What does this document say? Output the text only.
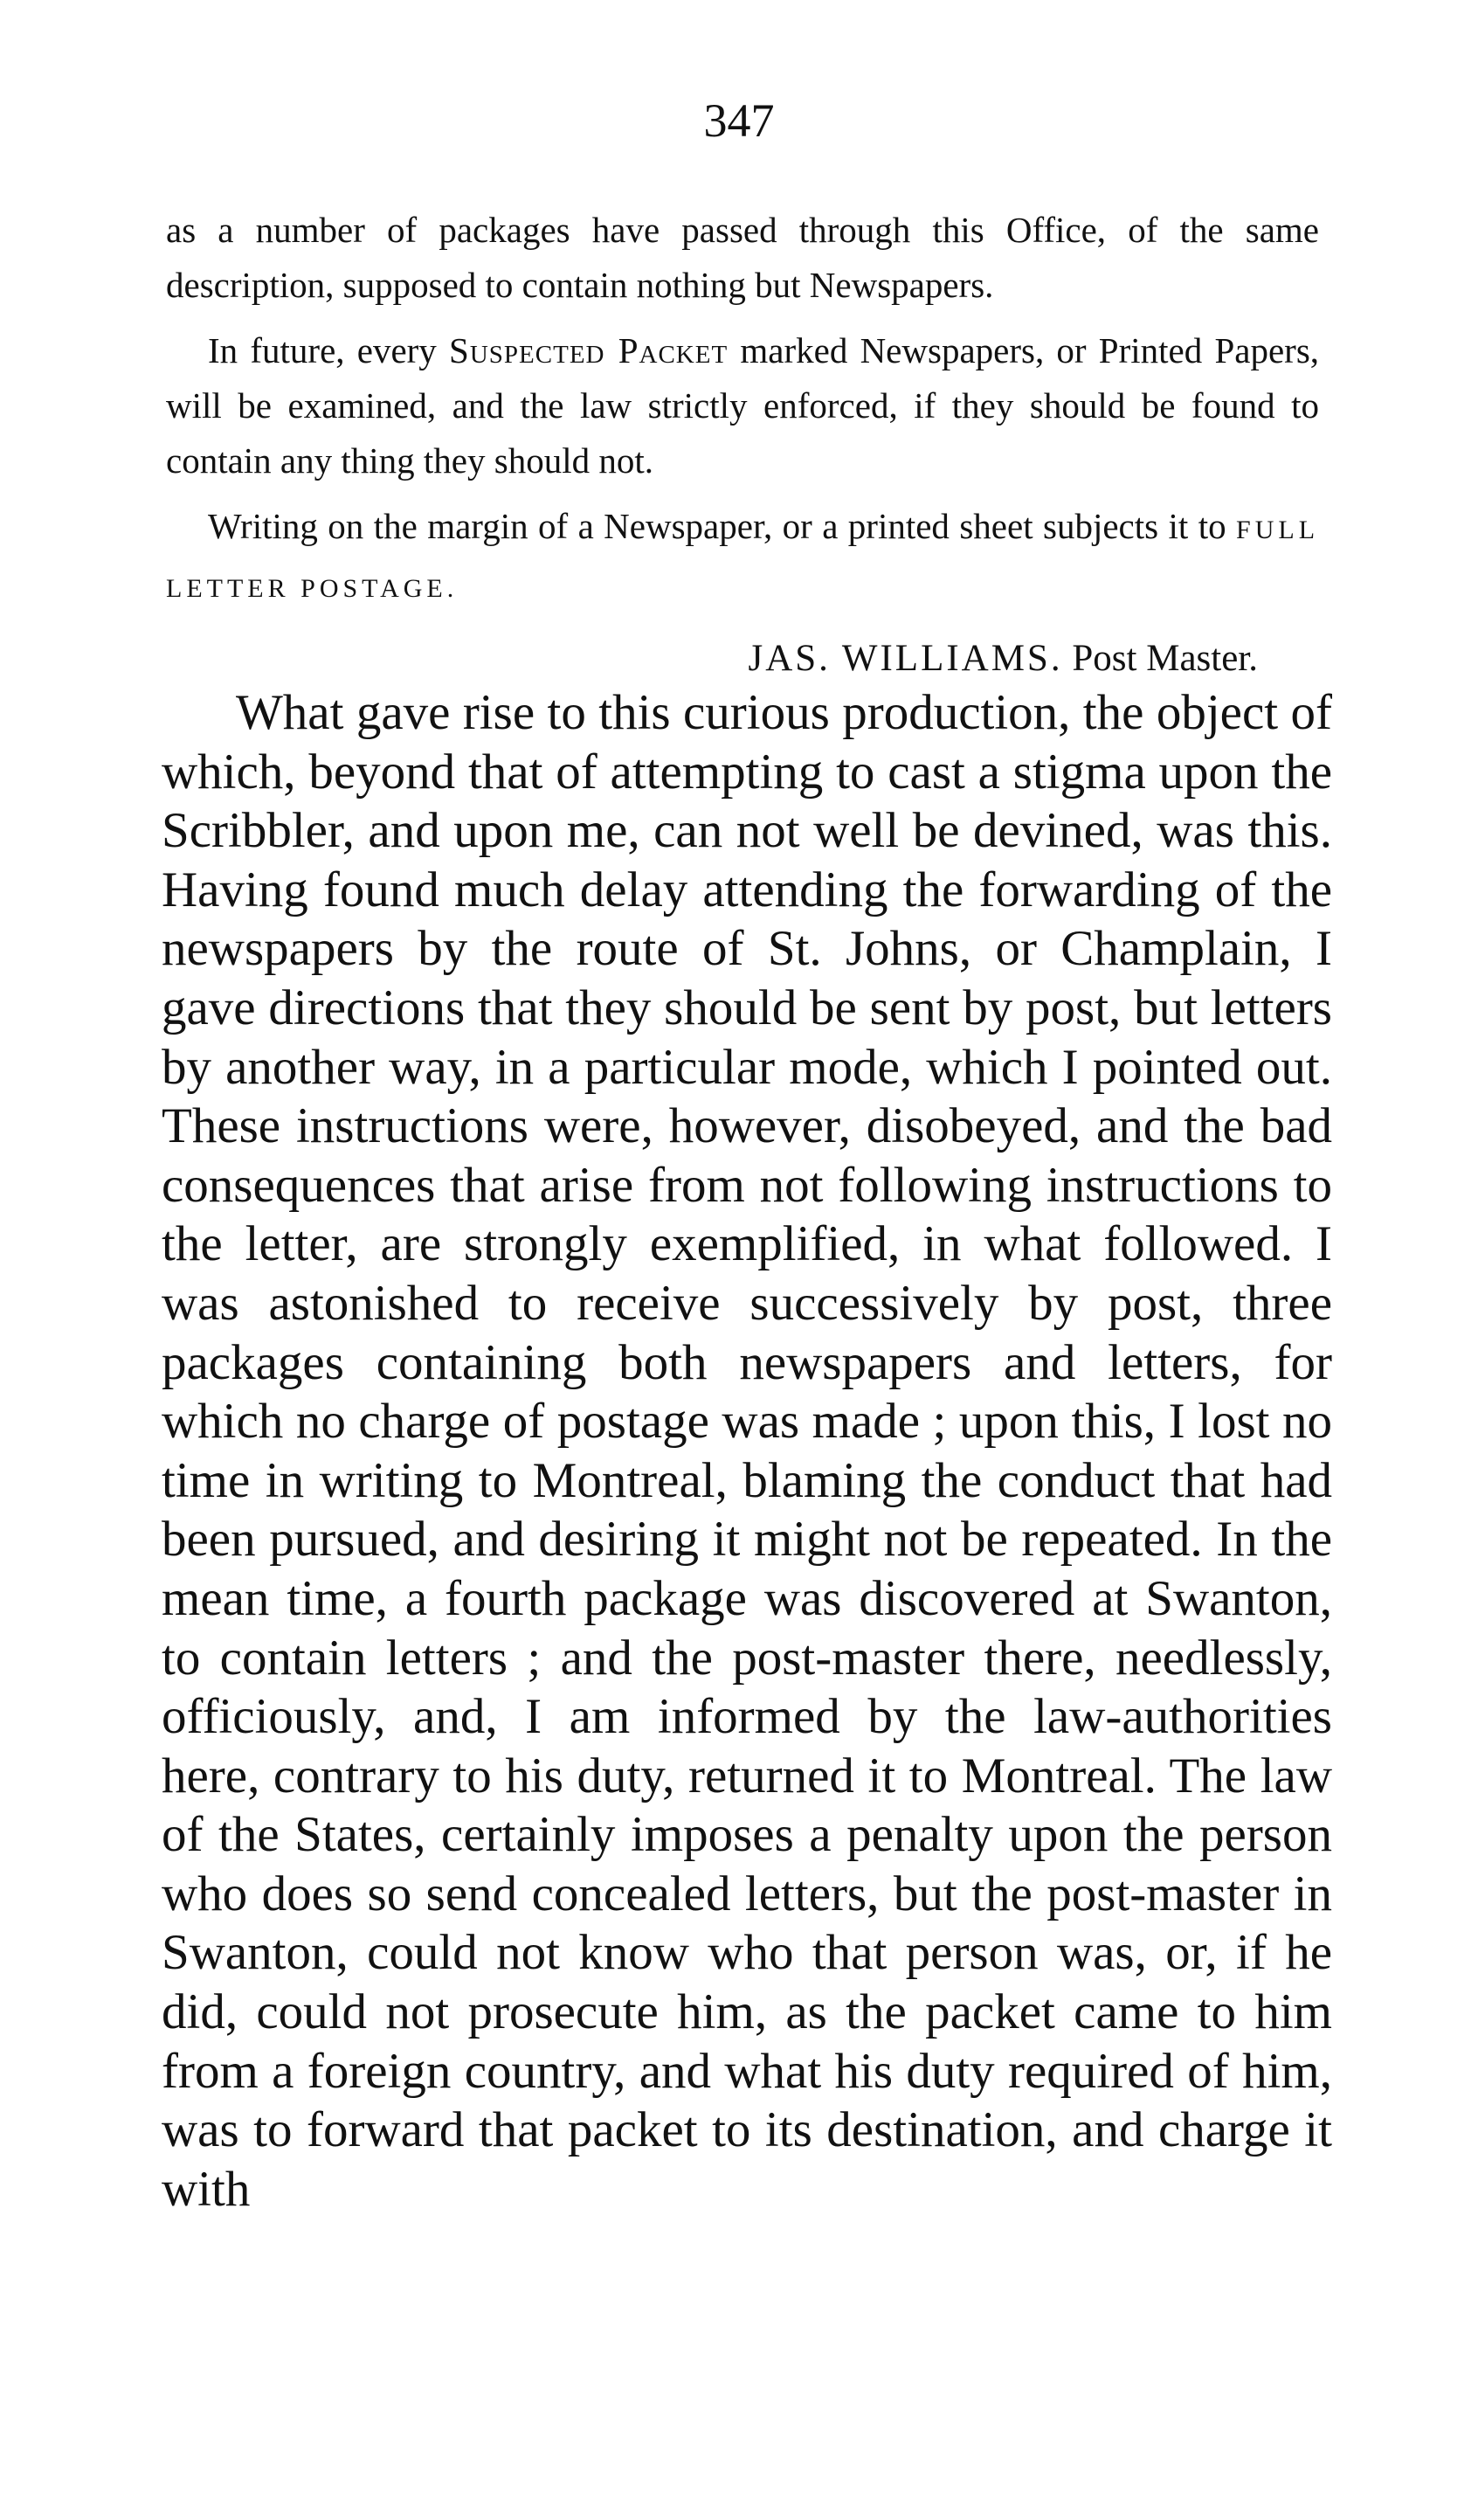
347

as a number of packages have passed through this Office, of the same description, supposed to contain nothing but Newspapers.

In future, every Suspected Packet marked Newspapers, or Printed Papers, will be examined, and the law strictly enforced, if they should be found to contain any thing they should not.

Writing on the margin of a Newspaper, or a printed sheet subjects it to FULL LETTER POSTAGE.

JAS. WILLIAMS. Post Master.

What gave rise to this curious production, the object of which, beyond that of attempting to cast a stigma upon the Scribbler, and upon me, can not well be devined, was this. Having found much delay attending the forwarding of the newspapers by the route of St. Johns, or Champlain, I gave directions that they should be sent by post, but letters by another way, in a particular mode, which I pointed out. These instructions were, however, disobeyed, and the bad consequences that arise from not following instructions to the letter, are strongly exemplified, in what followed. I was astonished to receive successively by post, three packages containing both newspapers and letters, for which no charge of postage was made ; upon this, I lost no time in writing to Montreal, blaming the conduct that had been pursued, and desiring it might not be repeated. In the mean time, a fourth package was discovered at Swanton, to contain letters ; and the post-master there, needlessly, officiously, and, I am informed by the law-authorities here, contrary to his duty, returned it to Montreal. The law of the States, certainly imposes a penalty upon the person who does so send concealed letters, but the post-master in Swanton, could not know who that person was, or, if he did, could not prosecute him, as the packet came to him from a foreign country, and what his duty required of him, was to forward that packet to its destination, and charge it with
